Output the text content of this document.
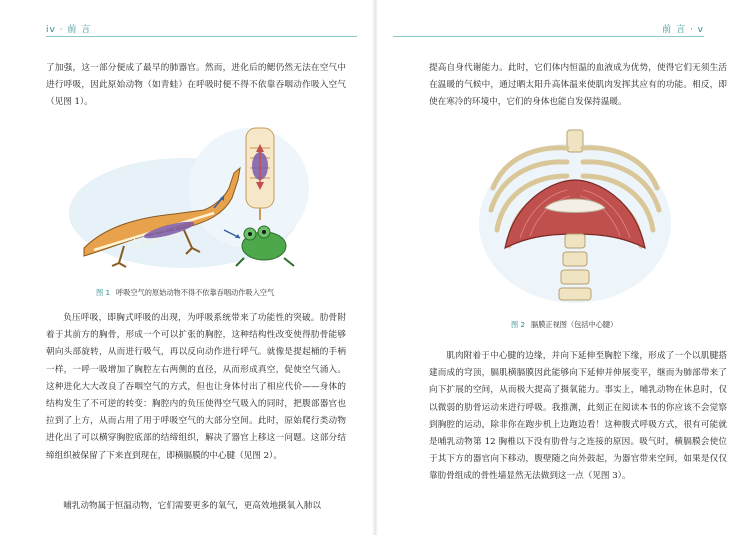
iv · 前 言

了加强，这一部分便成了最早的肺器官。然而，进化后的鳃仍然无法在空气中进行呼吸，因此原始动物（如青蛙）在呼吸时便不得不依靠吞咽动作吸入空气（见图 1）。

图 1 呼吸空气的原始动物不得不依靠吞咽动作吸入空气

负压呼吸，即胸式呼吸的出现，为呼吸系统带来了功能性的突破。肋骨附着于其前方的胸骨，形成一个可以扩张的胸腔，这种结构性改变使得肋骨能够朝向头部旋转，从而进行吸气，再以反向动作进行呼气。就像是提起桶的手柄一样，一呼一吸增加了胸腔左右两侧的直径，从而形成真空，促使空气涌入。这种进化大大改良了吞咽空气的方式，但也让身体付出了相应代价——身体的结构发生了不可逆的转变：胸腔内的负压使得空气吸入的同时，把腹部器官也拉到了上方，从而占用了用于呼吸空气的大部分空间。此时，原始爬行类动物进化出了可以横穿胸腔底部的结缔组织，解决了器官上移这一问题。这部分结缔组织被保留了下来直到现在，即横膈膜的中心腱（见图 2）。

哺乳动物属于恒温动物，它们需要更多的氧气，更高效地摄氧入肺以

前 言 · v

提高自身代谢能力。此时，它们体内恒温的血液成为优势，使得它们无须生活在温暖的气候中，通过晒太阳升高体温来使肌肉发挥其应有的功能。相反，即使在寒冷的环境中，它们的身体也能自发保持温暖。

图 2 膈膜正视图（包括中心腱）

肌肉附着于中心腱的边缘，并向下延伸至胸腔下缘，形成了一个以肌腱搭建而成的穹顶，膈肌横膈膜因此能够向下延伸并伸展变平，继而为肺部带来了向下扩展的空间，从而极大提高了摄氧能力。事实上，哺乳动物在休息时，仅以微弱的肋骨运动来进行呼吸。我推测，此刻正在阅读本书的你应该不会觉察到胸腔的运动，除非你在跑步机上边跑边看！这种腹式呼吸方式，很有可能就是哺乳动物第 12 胸椎以下没有肋骨与之连接的原因。吸气时，横膈膜会使位于其下方的器官向下移动，腹壁随之向外鼓起，为器官带来空间，如果是仅仅靠肋骨组成的骨性墙显然无法做到这一点（见图 3）。
